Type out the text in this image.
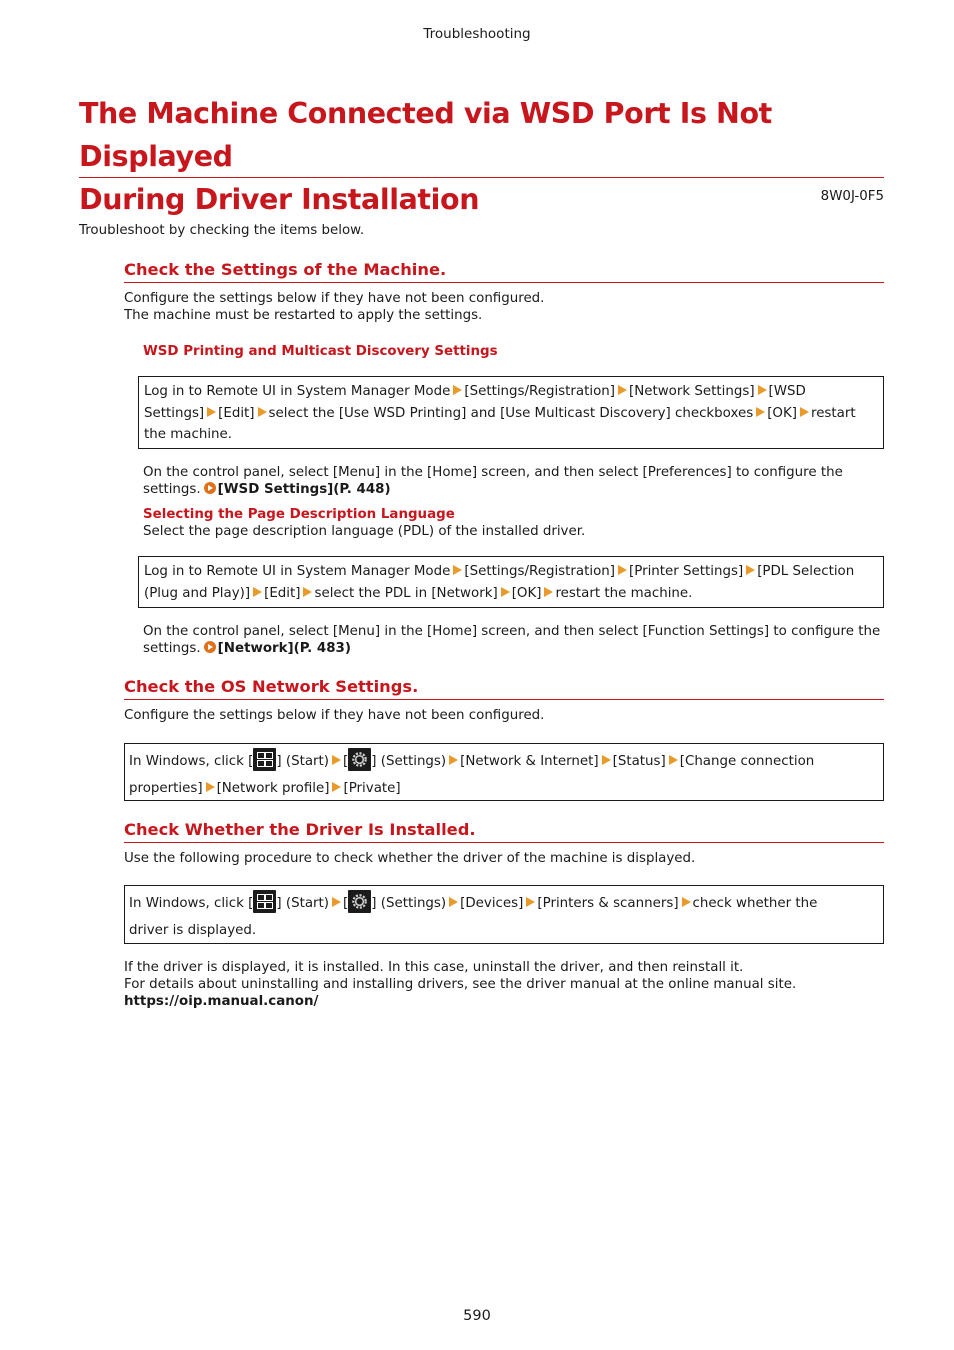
Troubleshooting
The Machine Connected via WSD Port Is Not Displayed
During Driver Installation	8W0J-0F5
Troubleshoot by checking the items below.
Check the Settings of the Machine.
Configure the settings below if they have not been configured.
The machine must be restarted to apply the settings.
WSD Printing and Multicast Discovery Settings
Log in to Remote UI in System Manager Mode [Settings/Registration] [Network Settings] [WSD
Settings] [Edit] select the [Use WSD Printing] and [Use Multicast Discovery] checkboxes [OK] restart
the machine.
On the control panel, select [Menu] in the [Home] screen, and then select [Preferences] to configure the
settings. [WSD Settings](P. 448)
Selecting the Page Description Language
Select the page description language (PDL) of the installed driver.
Log in to Remote UI in System Manager Mode [Settings/Registration] [Printer Settings] [PDL Selection
(Plug and Play)] [Edit] select the PDL in [Network] [OK] restart the machine.
On the control panel, select [Menu] in the [Home] screen, and then select [Function Settings] to configure the
settings. [Network](P. 483)
Check the OS Network Settings.
Configure the settings below if they have not been configured.
In Windows, click [ ] (Start) [ ] (Settings) [Network & Internet] [Status] [Change connection
properties] [Network profile] [Private]
Check Whether the Driver Is Installed.
Use the following procedure to check whether the driver of the machine is displayed.
In Windows, click [ ] (Start) [ ] (Settings) [Devices] [Printers & scanners] check whether the
driver is displayed.
If the driver is displayed, it is installed. In this case, uninstall the driver, and then reinstall it.
For details about uninstalling and installing drivers, see the driver manual at the online manual site.
https://oip.manual.canon/
590
